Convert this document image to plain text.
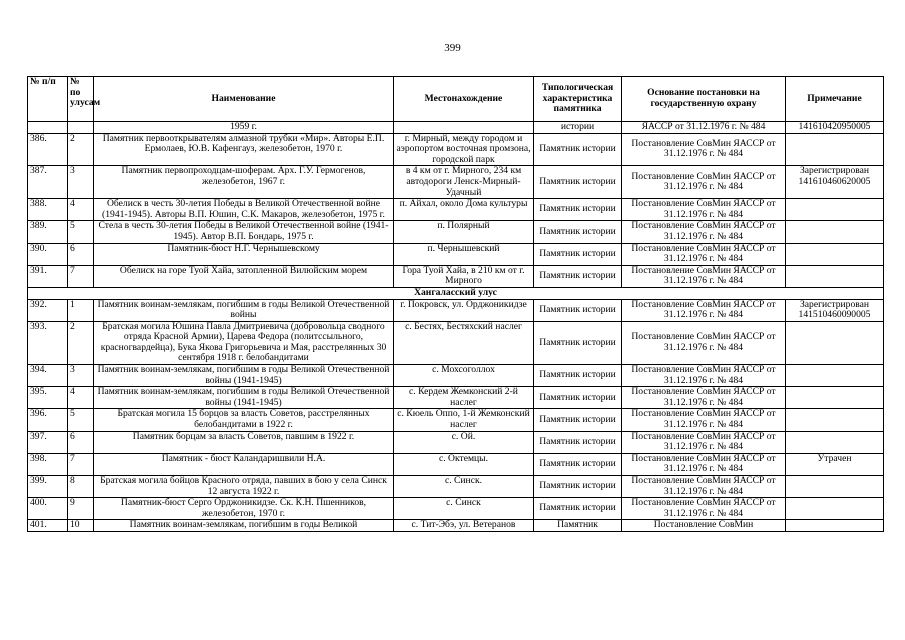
399
№ п/п	№ по улусам	Наименование	Местонахождение	Типологическая характеристика памятника	Основание постановки на государственную охрану	Примечание
		1959 г.		истории	ЯАССР от 31.12.1976 г. № 484	141610420950005
386.	2	Памятник первооткрывателям алмазной трубки «Мир». Авторы Е.П. Ермолаев, Ю.В. Кафенгауз, железобетон, 1970 г.	г. Мирный, между городом и аэропортом восточная промзона, городской парк	Памятник истории	Постановление СовМин ЯАССР от 31.12.1976 г. № 484	
387.	3	Памятник первопроходцам-шоферам. Арх. Г.У. Гермогенов, железобетон, 1967 г.	в 4 км от г. Мирного, 234 км автодороги Ленск-Мирный-Удачный	Памятник истории	Постановление СовМин ЯАССР от 31.12.1976 г. № 484	Зарегистрирован 141610460620005
388.	4	Обелиск в честь 30-летия Победы в Великой Отечественной войне (1941-1945). Авторы В.П. Юшин, С.К. Макаров, железобетон, 1975 г.	п. Айхал, около Дома культуры	Памятник истории	Постановление СовМин ЯАССР от 31.12.1976 г. № 484	
389.	5	Стела в честь 30-летия Победы в Великой Отечественной войне (1941-1945). Автор В.П. Бондарь, 1975 г.	п. Полярный	Памятник истории	Постановление СовМин ЯАССР от 31.12.1976 г. № 484	
390.	6	Памятник-бюст Н.Г. Чернышевскому	п. Чернышевский	Памятник истории	Постановление СовМин ЯАССР от 31.12.1976 г. № 484	
391.	7	Обелиск на горе Туой Хайа, затопленной Вилюйским морем	Гора Туой Хайа, в 210 км от г. Мирного	Памятник истории	Постановление СовМин ЯАССР от 31.12.1976 г. № 484	
Хангаласский улус						
392.	1	Памятник воинам-землякам, погибшим в годы Великой Отечественной войны	г. Покровск, ул. Орджоникидзе	Памятник истории	Постановление СовМин ЯАССР от 31.12.1976 г. № 484	Зарегистрирован 141510460090005
393.	2	Братская могила Юшина Павла Дмитриевича (добровольца сводного отряда Красной Армии), Царева Федора (политссыльного, красногвардейца), Бука Якова Григорьевича и Мая, расстрелянных 30 сентября 1918 г. белобандитами	с. Бестях, Бестяхский наслег	Памятник истории	Постановление СовМин ЯАССР от 31.12.1976 г. № 484	
394.	3	Памятник воинам-землякам, погибшим в годы Великой Отечественной войны (1941-1945)	с. Мохсоголлох	Памятник истории	Постановление СовМин ЯАССР от 31.12.1976 г. № 484	
395.	4	Памятник воинам-землякам, погибшим в годы Великой Отечественной войны (1941-1945)	с. Кердем Жемконский 2-й наслег	Памятник истории	Постановление СовМин ЯАССР от 31.12.1976 г. № 484	
396.	5	Братская могила 15 борцов за власть Советов, расстрелянных белобандитами в 1922 г.	с. Кюель Оппо, 1-й Жемконский наслег	Памятник истории	Постановление СовМин ЯАССР от 31.12.1976 г. № 484	
397.	6	Памятник борцам за власть Советов, павшим в 1922 г.	с. Ой.	Памятник истории	Постановление СовМин ЯАССР от 31.12.1976 г. № 484	
398.	7	Памятник - бюст Каландаришвили Н.А.	с. Октемцы.	Памятник истории	Постановление СовМин ЯАССР от 31.12.1976 г. № 484	Утрачен
399.	8	Братская могила бойцов Красного отряда, павших в бою у села Синск 12 августа 1922 г.	с. Синск.	Памятник истории	Постановление СовМин ЯАССР от 31.12.1976 г. № 484	
400.	9	Памятник-бюст Серго Орджоникидзе. Ск. К.Н. Пшенников, железобетон, 1970 г.	с. Синск	Памятник истории	Постановление СовМин ЯАССР от 31.12.1976 г. № 484	
401.	10	Памятник воинам-землякам, погибшим в годы Великой	с. Тит-Эбэ, ул. Ветеранов	Памятник	Постановление СовМин	
